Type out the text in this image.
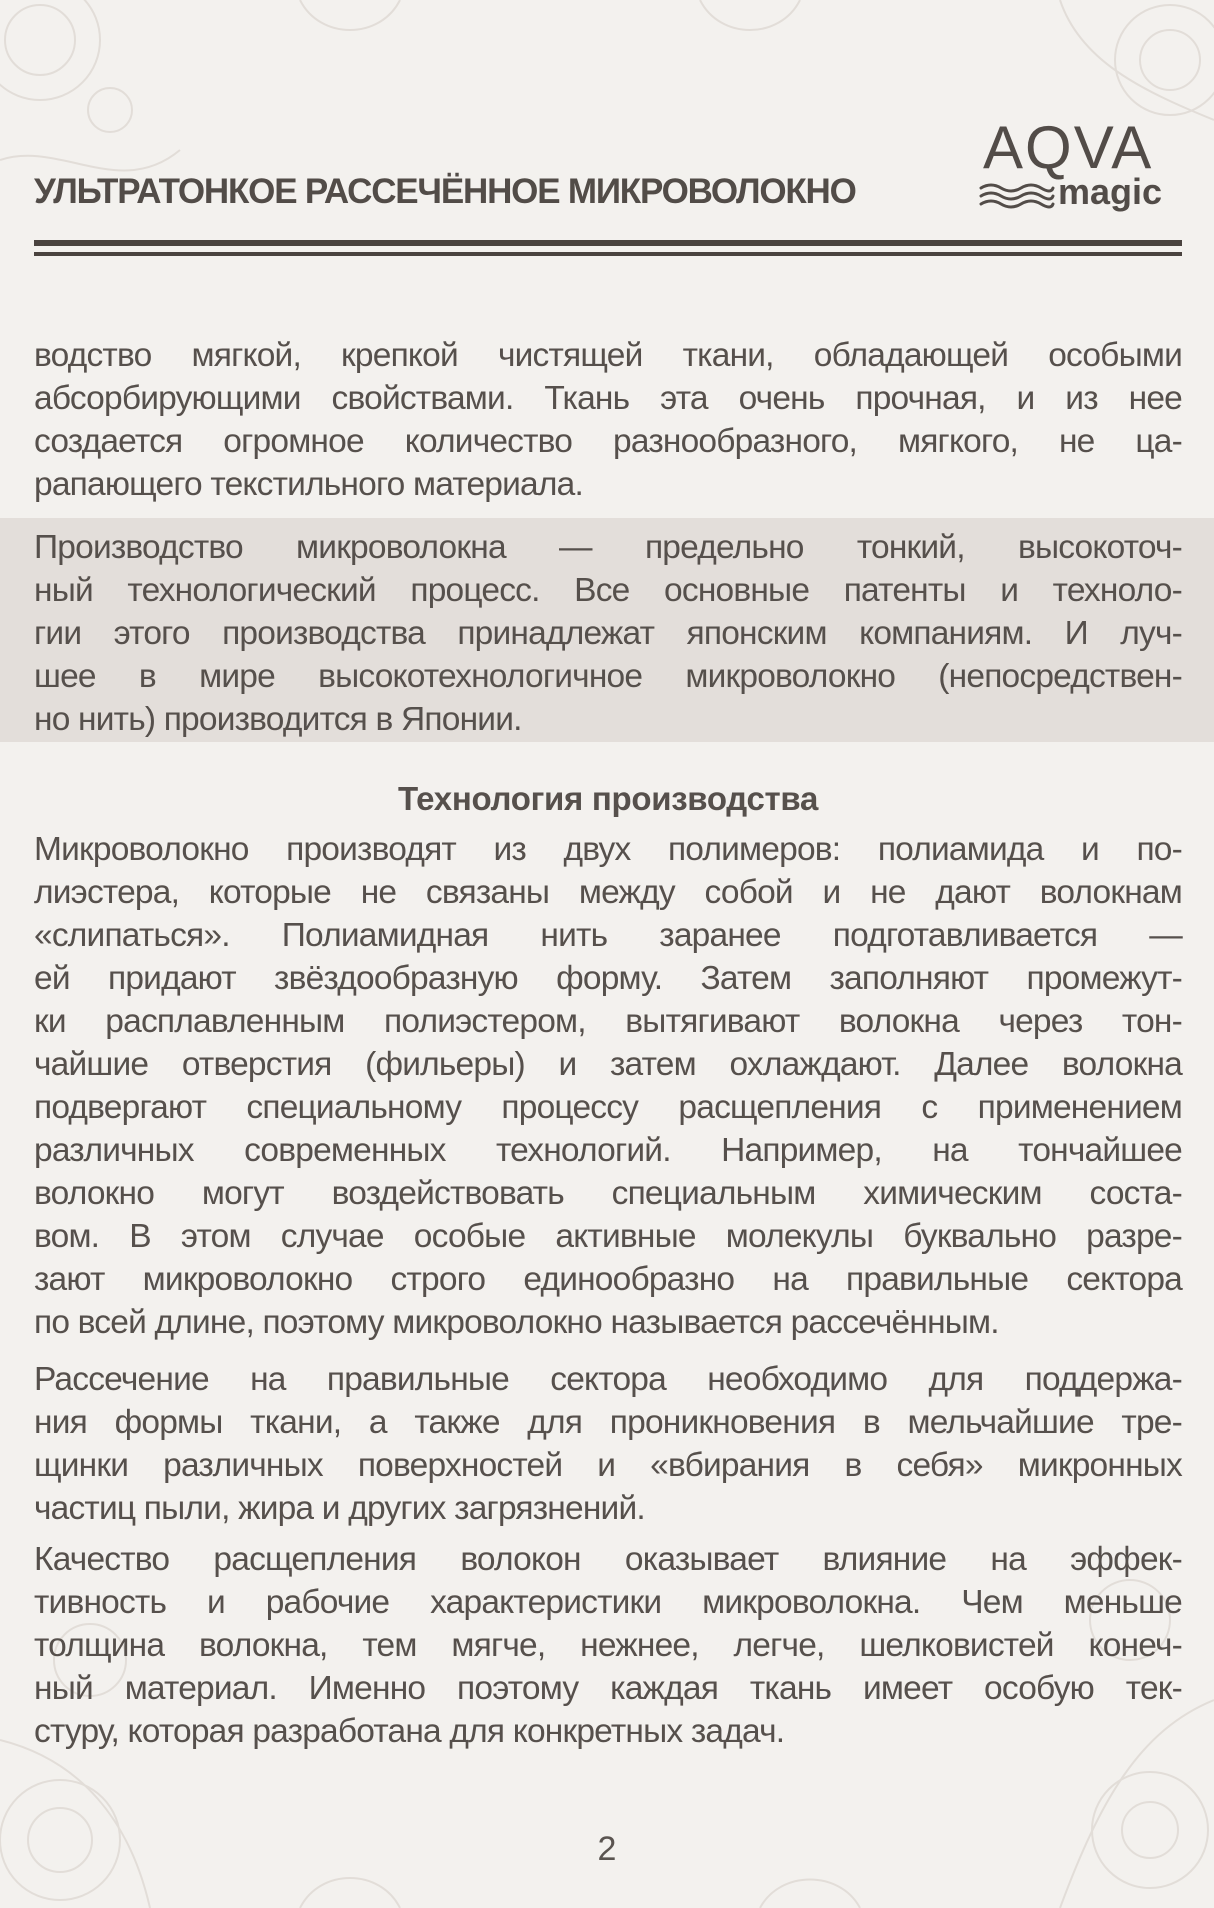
УЛЬТРАТОНКОЕ РАССЕЧЁННОЕ МИКРОВОЛОКНО
AQVA
magic

водство мягкой, крепкой чистящей ткани, обладающей особыми

абсорбирующими свойствами. Ткань эта очень прочная, и из нее

создается огромное количество разнообразного, мягкого, не ца-

рапающего текстильного материала.

Производство микроволокна — предельно тонкий, высокоточ-

ный технологический процесс. Все основные патенты и техноло-

гии этого производства принадлежат японским компаниям. И луч-

шее в мире высокотехнологичное микроволокно (непосредствен-

но нить) производится в Японии.

Технология производства

Микроволокно производят из двух полимеров: полиамида и по-

лиэстера, которые не связаны между собой и не дают волокнам

«слипаться». Полиамидная нить заранее подготавливается —

ей придают звёздообразную форму. Затем заполняют промежут-

ки расплавленным полиэстером, вытягивают волокна через тон-

чайшие отверстия (фильеры) и затем охлаждают. Далее волокна

подвергают специальному процессу расщепления с применением

различных современных технологий. Например, на тончайшее

волокно могут воздействовать специальным химическим соста-

вом. В этом случае особые активные молекулы буквально разре-

зают микроволокно строго единообразно на правильные сектора

по всей длине, поэтому микроволокно называется рассечённым.

Рассечение на правильные сектора необходимо для поддержа-

ния формы ткани, а также для проникновения в мельчайшие тре-

щинки различных поверхностей и «вбирания в себя» микронных

частиц пыли, жира и других загрязнений.

Качество расщепления волокон оказывает влияние на эффек-

тивность и рабочие характеристики микроволокна. Чем меньше

толщина волокна, тем мягче, нежнее, легче, шелковистей конеч-

ный материал. Именно поэтому каждая ткань имеет особую тек-

стуру, которая разработана для конкретных задач.

2
